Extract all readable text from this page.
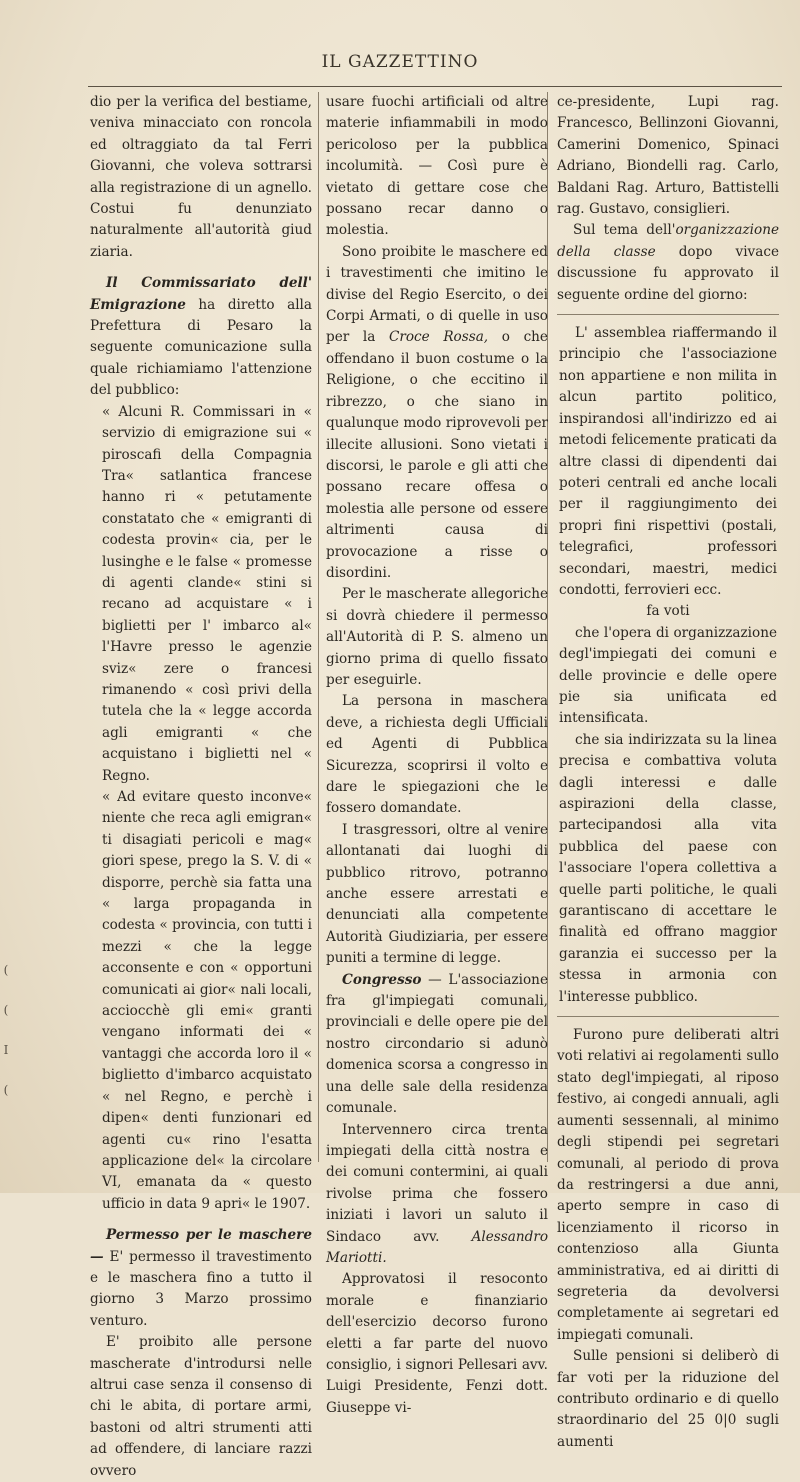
IL GAZZETTINO
(
(
I
(

dio per la verifica del bestiame, veniva minacciato con roncola ed oltraggiato da tal Ferri Giovanni, che voleva sottrarsi alla registrazione di un agnello. Costui fu denunziato naturalmente all'autorità giud ziaria.

Il Commissariato dell' Emigrazione ha diretto alla Prefettura di Pesaro la seguente comunicazione sulla quale richiamiamo l'attenzione del pubblico:

« Alcuni R. Commissari in « servizio di emigrazione sui « piroscafi della Compagnia Tra« satlantica francese hanno ri « petutamente constatato che « emigranti di codesta provin« cia, per le lusinghe e le false « promesse di agenti clande« stini si recano ad acquistare « i biglietti per l' imbarco al« l'Havre presso le agenzie sviz« zere o francesi rimanendo « così privi della tutela che la « legge accorda agli emigranti « che acquistano i biglietti nel « Regno.

« Ad evitare questo inconve« niente che reca agli emigran« ti disagiati pericoli e mag« giori spese, prego la S. V. di « disporre, perchè sia fatta una « larga propaganda in codesta « provincia, con tutti i mezzi « che la legge acconsente e con « opportuni comunicati ai gior« nali locali, acciocchè gli emi« granti vengano informati dei « vantaggi che accorda loro il « biglietto d'imbarco acquistato « nel Regno, e perchè i dipen« denti funzionari ed agenti cu« rino l'esatta applicazione del« la circolare VI, emanata da « questo ufficio in data 9 apri« le 1907.

Permesso per le maschere — E' permesso il travestimento e le maschera fino a tutto il giorno 3 Marzo prossimo venturo.

E' proibito alle persone mascherate d'introdursi nelle altrui case senza il consenso di chi le abita, di portare armi, bastoni od altri strumenti atti ad offendere, di lanciare razzi ovvero

usare fuochi artificiali od altre materie infiammabili in modo pericoloso per la pubblica incolumità. — Così pure è vietato di gettare cose che possano recar danno o molestia.

Sono proibite le maschere ed i travestimenti che imitino le divise del Regio Esercito, o dei Corpi Armati, o di quelle in uso per la Croce Rossa, o che offendano il buon costume o la Religione, o che eccitino il ribrezzo, o che siano in qualunque modo riprovevoli per illecite allusioni. Sono vietati i discorsi, le parole e gli atti che possano recare offesa o molestia alle persone od essere altrimenti causa di provocazione a risse o disordini.

Per le mascherate allegoriche si dovrà chiedere il permesso all'Autorità di P. S. almeno un giorno prima di quello fissato per eseguirle.

La persona in maschera deve, a richiesta degli Ufficiali ed Agenti di Pubblica Sicurezza, scoprirsi il volto e dare le spiegazioni che le fossero domandate.

I trasgressori, oltre al venire allontanati dai luoghi di pubblico ritrovo, potranno anche essere arrestati e denunciati alla competente Autorità Giudiziaria, per essere puniti a termine di legge.

Congresso — L'associazione fra gl'impiegati comunali, provinciali e delle opere pie del nostro circondario si adunò domenica scorsa a congresso in una delle sale della residenza comunale.

Intervennero circa trenta impiegati della città nostra e dei comuni contermini, ai quali rivolse prima che fossero iniziati i lavori un saluto il Sindaco avv. Alessandro Mariotti.

Approvatosi il resoconto morale e finanziario dell'esercizio decorso furono eletti a far parte del nuovo consiglio, i signori Pellesari avv. Luigi Presidente, Fenzi dott. Giuseppe vi-

ce-presidente, Lupi rag. Francesco, Bellinzoni Giovanni, Camerini Domenico, Spinaci Adriano, Biondelli rag. Carlo, Baldani Rag. Arturo, Battistelli rag. Gustavo, consiglieri.

Sul tema dell'organizzazione della classe dopo vivace discussione fu approvato il seguente ordine del giorno:

L' assemblea riaffermando il principio che l'associazione non appartiene e non milita in alcun partito politico, inspirandosi all'indirizzo ed ai metodi felicemente praticati da altre classi di dipendenti dai poteri centrali ed anche locali per il raggiungimento dei propri fini rispettivi (postali, telegrafici, professori secondari, maestri, medici condotti, ferrovieri ecc.

fa voti

che l'opera di organizzazione degl'impiegati dei comuni e delle provincie e delle opere pie sia unificata ed intensificata.

che sia indirizzata su la linea precisa e combattiva voluta dagli interessi e dalle aspirazioni della classe, partecipandosi alla vita pubblica del paese con l'associare l'opera collettiva a quelle parti politiche, le quali garantiscano di accettare le finalità ed offrano maggior garanzia ei successo per la stessa in armonia con l'interesse pubblico.

Furono pure deliberati altri voti relativi ai regolamenti sullo stato degl'impiegati, al riposo festivo, ai congedi annuali, agli aumenti sessennali, al minimo degli stipendi pei segretari comunali, al periodo di prova da restringersi a due anni, aperto sempre in caso di licenziamento il ricorso in contenzioso alla Giunta amministrativa, ed ai diritti di segreteria da devolversi completamente ai segretari ed impiegati comunali.

Sulle pensioni si deliberò di far voti per la riduzione del contributo ordinario e di quello straordinario del 25 0|0 sugli aumenti
